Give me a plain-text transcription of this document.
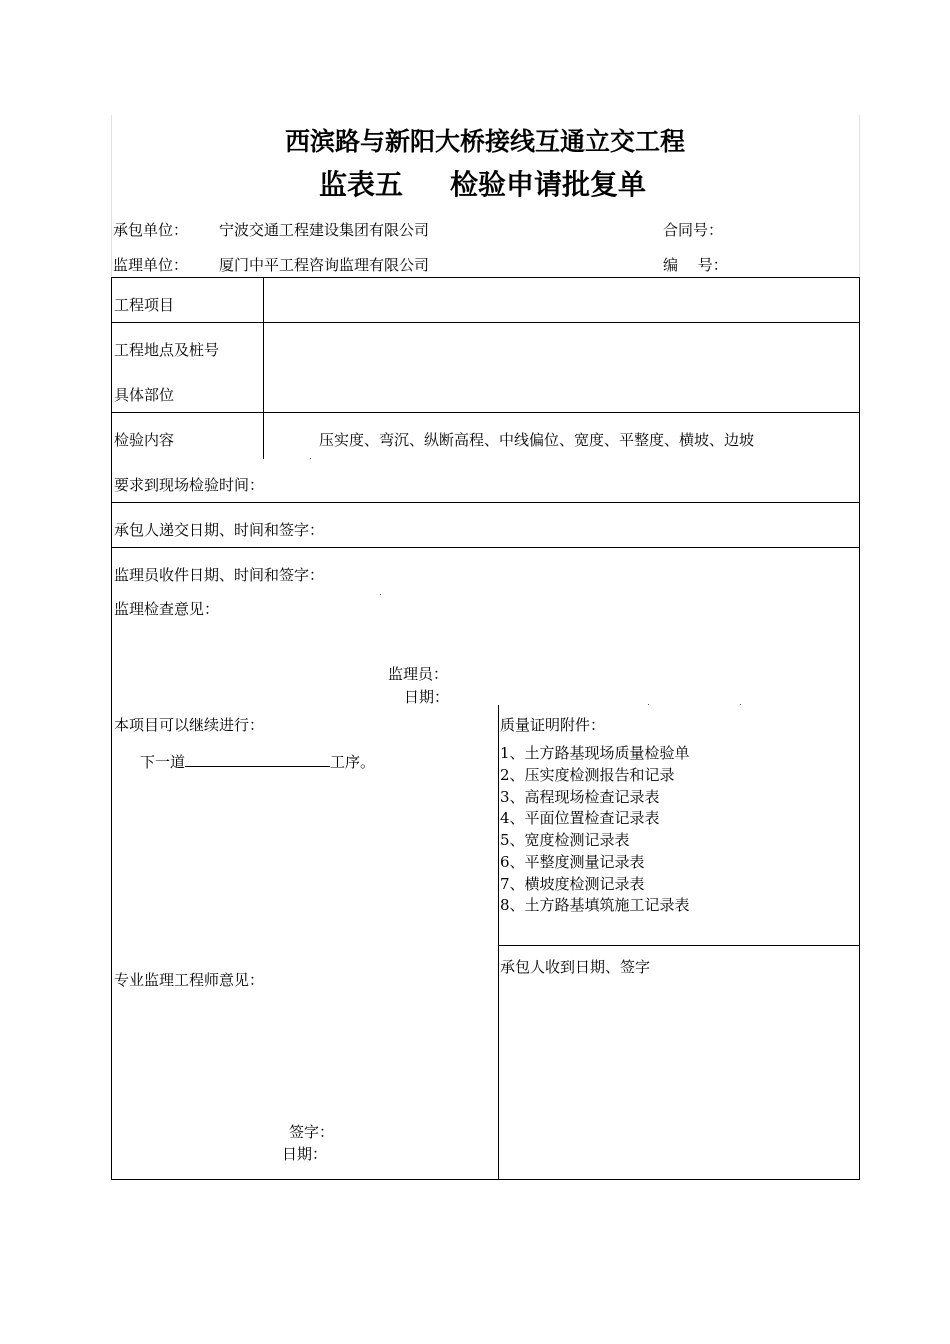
西滨路与新阳大桥接线互通立交工程
监表五 检验申请批复单
承包单位： 宁波交通工程建设集团有限公司	合同号：
监理单位： 厦门中平工程咨询监理有限公司	编　 号：
工程项目
工程地点及桩号
具体部位
检验内容	压实度、弯沉、纵断高程、中线偏位、宽度、平整度、横坡、边坡
要求到现场检验时间：
承包人递交日期、时间和签字：
监理员收件日期、时间和签字：
监理检查意见：
监理员：
日期：
本项目可以继续进行：
下一道	工序。
专业监理工程师意见：
签字：
日期：
质量证明附件：
1、土方路基现场质量检验单
2、压实度检测报告和记录
3、高程现场检查记录表
4、平面位置检查记录表
5、宽度检测记录表
6、平整度测量记录表
7、横坡度检测记录表
8、土方路基填筑施工记录表
承包人收到日期、签字
